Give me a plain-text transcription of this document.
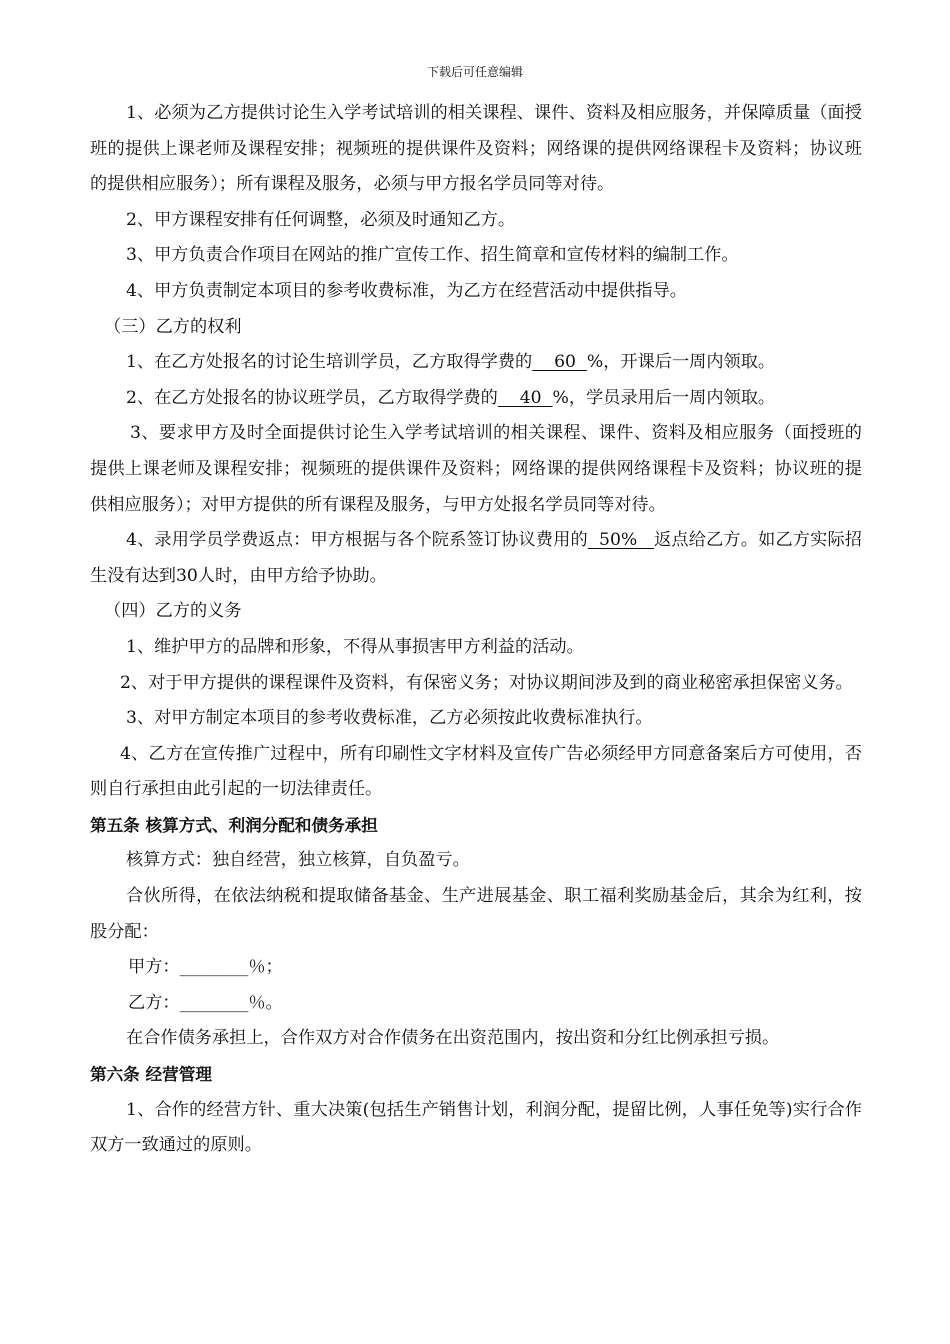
下载后可任意编辑

1、必须为乙方提供讨论生入学考试培训的相关课程、课件、资料及相应服务，并保障质量（面授班的提供上课老师及课程安排；视频班的提供课件及资料；网络课的提供网络课程卡及资料；协议班的提供相应服务）；所有课程及服务，必须与甲方报名学员同等对待。

2、甲方课程安排有任何调整，必须及时通知乙方。

3、甲方负责合作项目在网站的推广宣传工作、招生简章和宣传材料的编制工作。

4、甲方负责制定本项目的参考收费标准，为乙方在经营活动中提供指导。

（三）乙方的权利

1、在乙方处报名的讨论生培训学员，乙方取得学费的    60  %，开课后一周内领取。

2、在乙方处报名的协议班学员，乙方取得学费的    40  %，学员录用后一周内领取。

3、要求甲方及时全面提供讨论生入学考试培训的相关课程、课件、资料及相应服务（面授班的提供上课老师及课程安排；视频班的提供课件及资料；网络课的提供网络课程卡及资料；协议班的提供相应服务）；对甲方提供的所有课程及服务，与甲方处报名学员同等对待。

4、录用学员学费返点：甲方根据与各个院系签订协议费用的  50%   返点给乙方。如乙方实际招生没有达到30人时，由甲方给予协助。

（四）乙方的义务

1、维护甲方的品牌和形象，不得从事损害甲方利益的活动。

2、对于甲方提供的课程课件及资料，有保密义务；对协议期间涉及到的商业秘密承担保密义务。

3、对甲方制定本项目的参考收费标准，乙方必须按此收费标准执行。

4、乙方在宣传推广过程中，所有印刷性文字材料及宣传广告必须经甲方同意备案后方可使用，否则自行承担由此引起的一切法律责任。

第五条 核算方式、利润分配和债务承担

核算方式：独自经营，独立核算，自负盈亏。

合伙所得，在依法纳税和提取储备基金、生产进展基金、职工福利奖励基金后，其余为红利，按股分配：

甲方：________％；

乙方：________％。

在合作债务承担上，合作双方对合作债务在出资范围内，按出资和分红比例承担亏损。

第六条 经营管理

1、合作的经营方针、重大决策(包括生产销售计划，利润分配，提留比例，人事任免等)实行合作双方一致通过的原则。
